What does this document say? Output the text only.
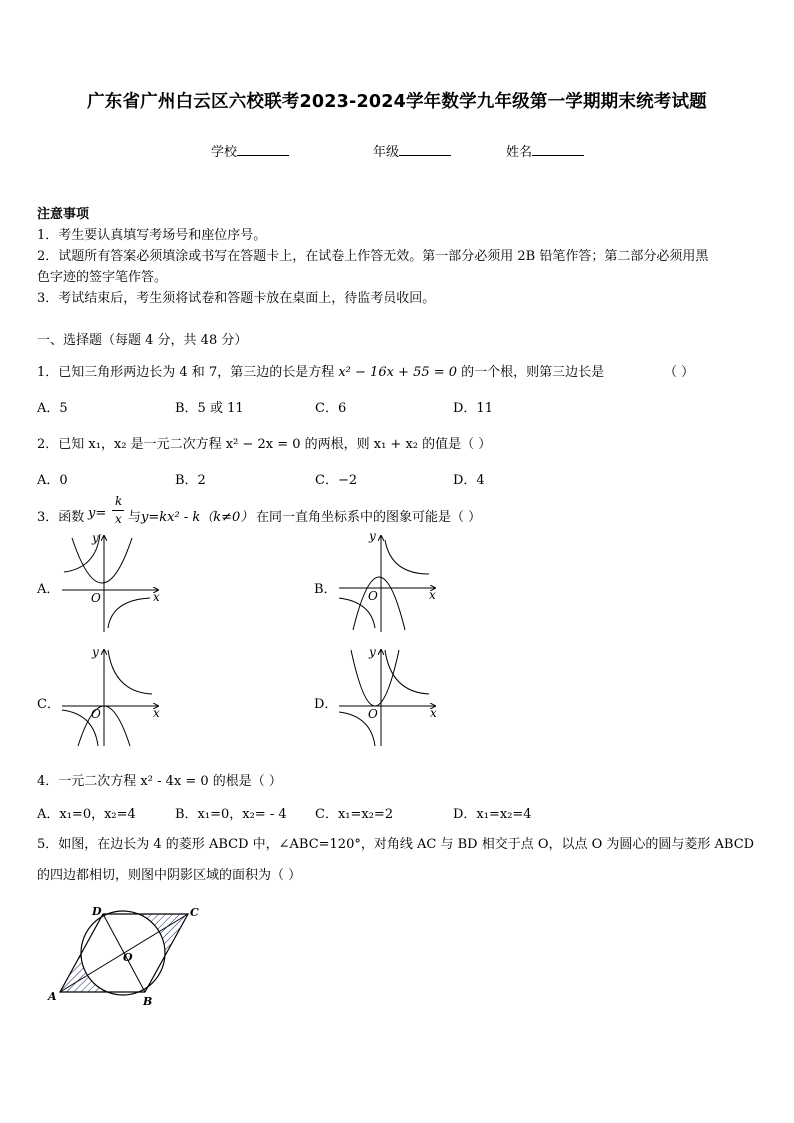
广东省广州白云区六校联考2023-2024学年数学九年级第一学期期末统考试题
学校	年级	姓名
注意事项
1．考生要认真填写考场号和座位序号。
2．试题所有答案必须填涂或书写在答题卡上，在试卷上作答无效。第一部分必须用 2B 铅笔作答；第二部分必须用黑
色字迹的签字笔作答。
3．考试结束后，考生须将试卷和答题卡放在桌面上，待监考员收回。
一、选择题（每题 4 分，共 48 分）
1．已知三角形两边长为 4 和 7，第三边的长是方程 x² − 16x + 55 = 0 的一个根，则第三边长是	（ ）
A．5	B．5 或 11	C．6	D．11
2．已知 x₁，x₂ 是一元二次方程 x² − 2x = 0 的两根，则 x₁ + x₂ 的值是（ ）
A．0	B．2	C．−2	D．4
3．函数 y=
k
x 与 y=kx² - k（k≠0） 在同一直角坐标系中的图象可能是（ ）
A．	B．
C．	D．
y
x
O
y
x
O
y
x
O
y
x
O
4．一元二次方程 x² - 4x = 0 的根是（ ）
A．x₁=0，x₂=4	B．x₁=0，x₂= - 4 C．x₁=x₂=2	D．x₁=x₂=4
5．如图，在边长为 4 的菱形 ABCD 中，∠ABC=120°，对角线 AC 与 BD 相交于点 O，以点 O 为圆心的圆与菱形 ABCD
的四边都相切，则图中阴影区域的面积为（ ）
A	B
C
D
O
